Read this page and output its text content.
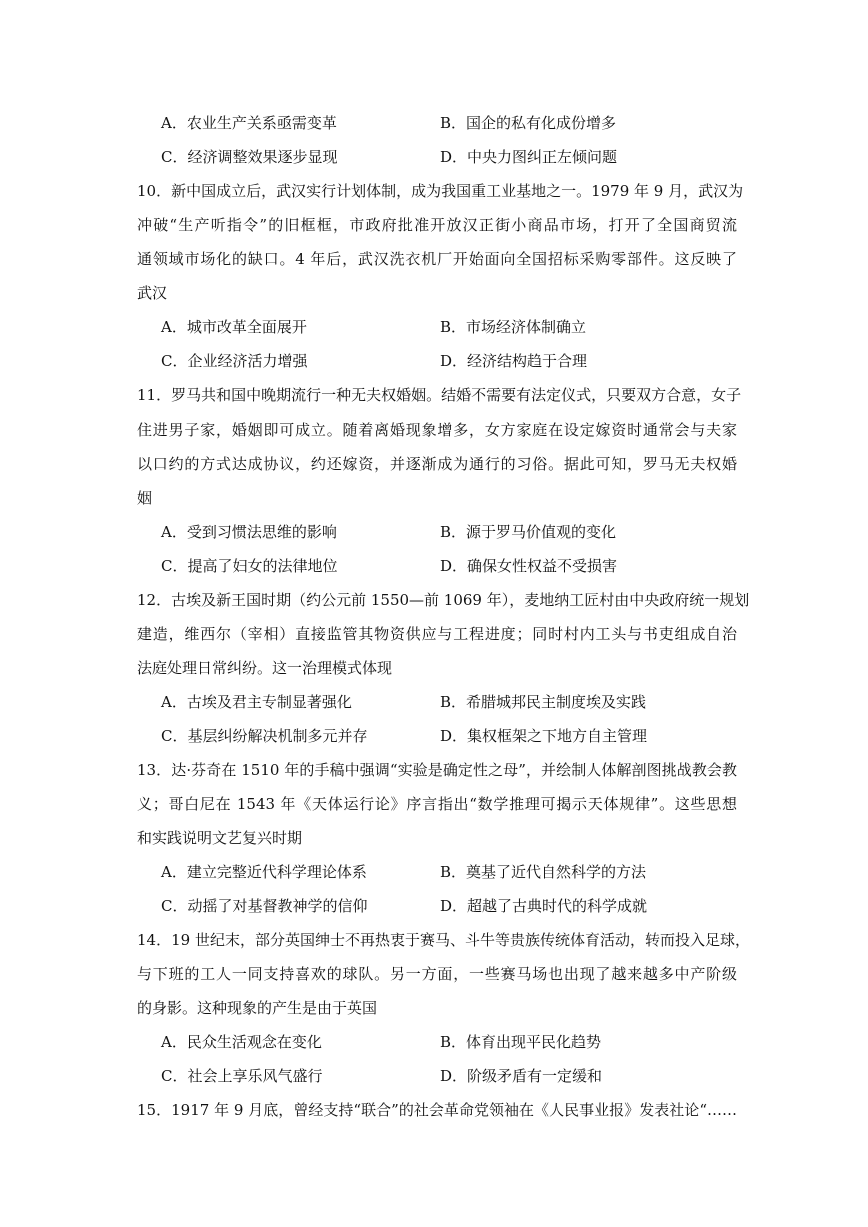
A．农业生产关系亟需变革	B．国企的私有化成份增多
C．经济调整效果逐步显现	D．中央力图纠正左倾问题
10．新中国成立后，武汉实行计划体制，成为我国重工业基地之一。1979 年 9 月，武汉为
冲破“生产听指令”的旧框框，市政府批准开放汉正街小商品市场，打开了全国商贸流
通领域市场化的缺口。4 年后，武汉洗衣机厂开始面向全国招标采购零部件。这反映了
武汉
A．城市改革全面展开	B．市场经济体制确立
C．企业经济活力增强	D．经济结构趋于合理
11．罗马共和国中晚期流行一种无夫权婚姻。结婚不需要有法定仪式，只要双方合意，女子
住进男子家，婚姻即可成立。随着离婚现象增多，女方家庭在设定嫁资时通常会与夫家
以口约的方式达成协议，约还嫁资，并逐渐成为通行的习俗。据此可知，罗马无夫权婚
姻
A．受到习惯法思维的影响	B．源于罗马价值观的变化
C．提高了妇女的法律地位	D．确保女性权益不受损害
12．古埃及新王国时期（约公元前 1550—前 1069 年），麦地纳工匠村由中央政府统一规划
建造，维西尔（宰相）直接监管其物资供应与工程进度；同时村内工头与书吏组成自治
法庭处理日常纠纷。这一治理模式体现
A．古埃及君主专制显著强化	B．希腊城邦民主制度埃及实践
C．基层纠纷解决机制多元并存	D．集权框架之下地方自主管理
13．达·芬奇在 1510 年的手稿中强调“实验是确定性之母”，并绘制人体解剖图挑战教会教
义；哥白尼在 1543 年《天体运行论》序言指出“数学推理可揭示天体规律”。这些思想
和实践说明文艺复兴时期
A．建立完整近代科学理论体系	B．奠基了近代自然科学的方法
C．动摇了对基督教神学的信仰	D．超越了古典时代的科学成就
14．19 世纪末，部分英国绅士不再热衷于赛马、斗牛等贵族传统体育活动，转而投入足球，
与下班的工人一同支持喜欢的球队。另一方面，一些赛马场也出现了越来越多中产阶级
的身影。这种现象的产生是由于英国
A．民众生活观念在变化	B．体育出现平民化趋势
C．社会上享乐风气盛行	D．阶级矛盾有一定缓和
15．1917 年 9 月底，曾经支持“联合”的社会革命党领袖在《人民事业报》发表社论“……
